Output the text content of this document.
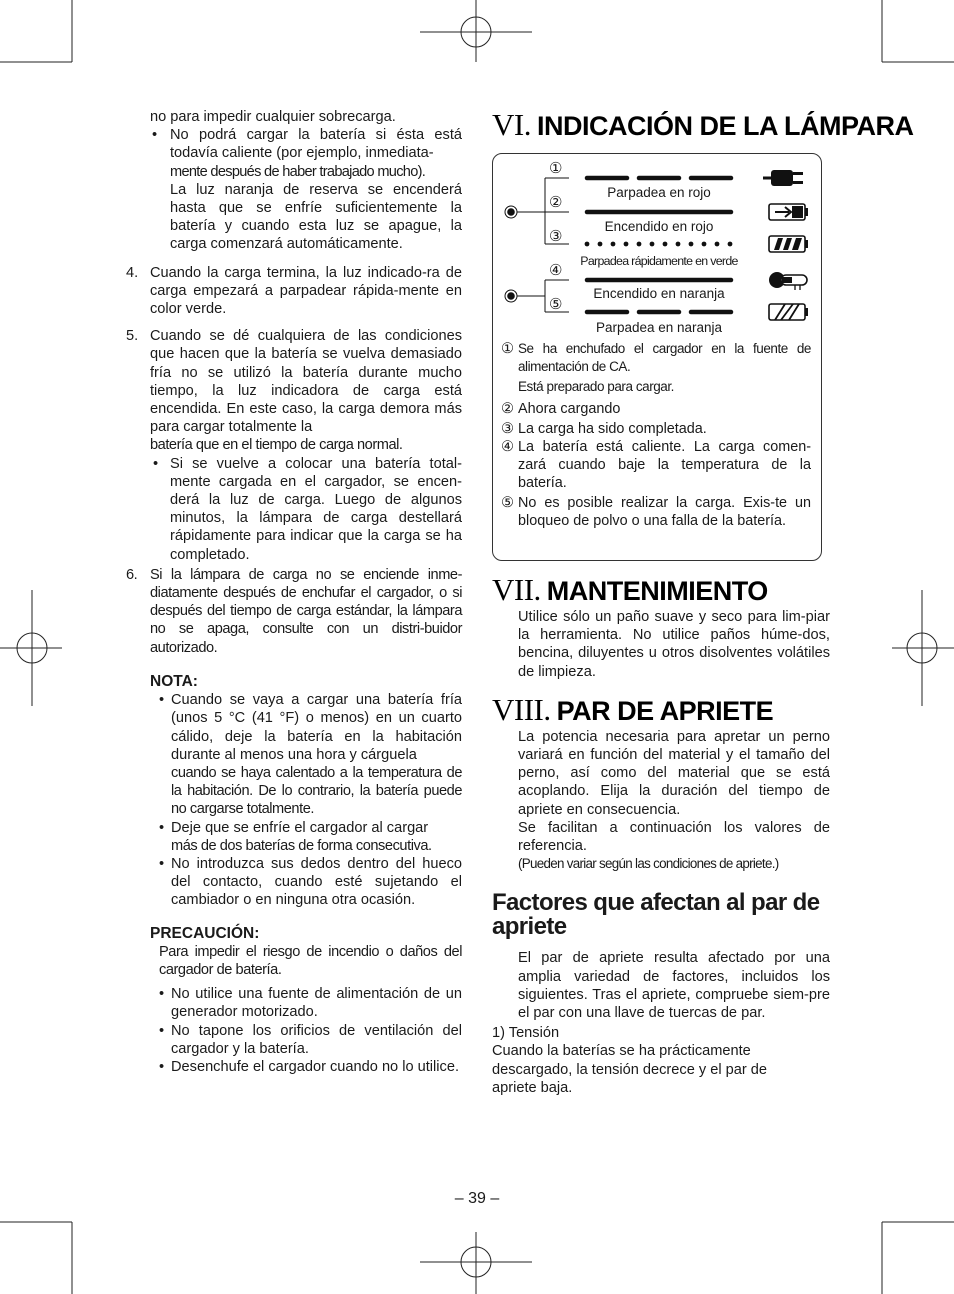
no para impedir cualquier sobrecarga.

• No podrá cargar la batería si ésta está todavía caliente (por ejemplo, inmediata-
mente después de haber trabajado mucho).
La luz naranja de reserva se encenderá hasta que se enfríe suficientemente la batería y cuando esta luz se apague, la carga comenzará automáticamente.
4. Cuando la carga termina, la luz indicado-ra de carga empezará a parpadear rápida-mente en color verde.
5. Cuando se dé cualquiera de las condiciones que hacen que la batería se vuelva demasiado fría no se utilizó la batería durante mucho tiempo, la luz indicadora de carga está encendida. En este caso, la carga demora más para cargar totalmente la
batería que en el tiempo de carga normal.
• Si se vuelve a colocar una batería total-mente cargada en el cargador, se encen-derá la luz de carga. Luego de algunos minutos, la lámpara de carga destellará rápidamente para indicar que la carga se ha completado.
6. Si la lámpara de carga no se enciende inme-diatamente después de enchufar el cargador, o si después del tiempo de carga estándar, la lámpara no se apaga, consulte con un distri-buidor autorizado.
NOTA:
• Cuando se vaya a cargar una batería fría (unos 5 °C (41 °F) o menos) en un cuarto cálido, deje la batería en la habitación durante al menos una hora y cárguela
cuando se haya calentado a la temperatura de la habitación. De lo contrario, la batería puede no cargarse totalmente.
• Deje que se enfríe el cargador al cargar
más de dos baterías de forma consecutiva.
• No introduzca sus dedos dentro del hueco del contacto, cuando esté sujetando el cambiador o en ninguna otra ocasión.
PRECAUCIÓN:

Para impedir el riesgo de incendio o daños del cargador de batería.

• No utilice una fuente de alimentación de un generador motorizado.
• No tapone los orificios de ventilación del cargador y la batería.
• Desenchufe el cargador cuando no lo utilice.
VI. INDICACIÓN DE LA LÁMPARA
①
②
③
④
⑤
Parpadea en rojo
Encendido en rojo
Parpadea rápidamente en verde
Encendido en naranja
Parpadea en naranja
① Se ha enchufado el cargador en la fuente de alimentación de CA.
Está preparado para cargar.
② Ahora cargando
③ La carga ha sido completada.
④ La batería está caliente. La carga comen-zará cuando baje la temperatura de la batería.
⑤ No es posible realizar la carga. Exis-te un bloqueo de polvo o una falla de la batería.
VII. MANTENIMIENTO

Utilice sólo un paño suave y seco para lim-piar la herramienta. No utilice paños húme-dos, bencina, diluyentes u otros disolventes volátiles de limpieza.

VIII. PAR DE APRIETE

La potencia necesaria para apretar un perno variará en función del material y el tamaño del perno, así como del material que se está acoplando. Elija la duración del tiempo de apriete en consecuencia.

Se facilitan a continuación los valores de referencia.

(Pueden variar según las condiciones de apriete.)

Factores que afectan al par de apriete

El par de apriete resulta afectado por una amplia variedad de factores, incluidos los siguientes. Tras el apriete, compruebe siem-pre el par con una llave de tuercas de par.

1) Tensión

Cuando la baterías se ha prácticamente descargado, la tensión decrece y el par de apriete baja.

– 39 –
